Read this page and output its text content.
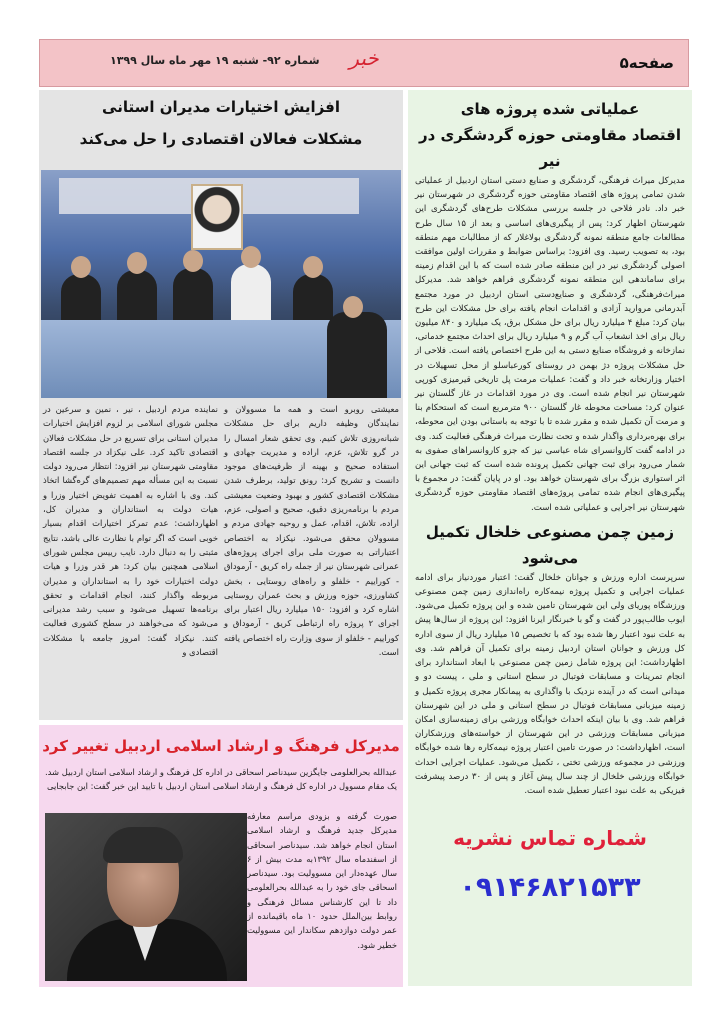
صفحه۵
خبر
شماره ۹۲- شنبه ۱۹ مهر ماه سال ۱۳۹۹
عملیاتی شده پروژه های
اقتصاد مقاومتی حوزه گردشگری در نیر

مدیرکل میراث فرهنگی، گردشگری و صنایع دستی استان اردبیل از عملیاتی شدن تمامی پروژه های اقتصاد مقاومتی حوزه گردشگری در شهرستان نیر خبر داد. نادر فلاحی در جلسه بررسی مشکلات طرح‌های گردشگری این شهرستان اظهار کرد: پس از پیگیری‌های اساسی و بعد از ۱۵ سال طرح مطالعات جامع منطقه نمونه گردشگری بولاغلار که از مطالبات مهم منطقه بود، به تصویب رسید. وی افزود: براساس ضوابط و مقررات اولین موافقت اصولی گردشگری نیر در این منطقه صادر شده است که با این اقدام زمینه برای ساماندهی این منطقه نمونه گردشگری فراهم خواهد شد. مدیرکل میراث‌فرهنگی، گردشگری و صنایع‌دستی استان اردبیل در مورد مجتمع آبدرمانی مروارید آزادی و اقدامات انجام یافته برای حل مشکلات این طرح بیان کرد: مبلغ ۴ میلیارد ریال برای حل مشکل برق، یک میلیارد و ۸۴۰ میلیون ریال برای اخذ انشعاب آب گرم و ۹ میلیارد ریال برای احداث مجتمع خدماتی، نمازخانه و فروشگاه صنایع دستی به این طرح اختصاص یافته است. فلاحی از حل مشکلات پروژه دژ بهمن در روستای کورعباسلو از محل تسهیلات در اختیار وزارتخانه خبر داد و گفت: عملیات مرمت پل تاریخی قیرمیزی کورپی شهرستان نیر انجام شده است. وی در مورد اقدامات در غاز گلستان نیر عنوان کرد: مساحت محوطه غار گلستان ۹۰۰ مترمربع است که استحکام بنا و مرمت آن تکمیل شده و مقرر شده تا با توجه به باستانی بودن این محوطه، برای بهره‌برداری واگذار شده و تحت نظارت میراث فرهنگی فعالیت کند. وی در ادامه گفت کاروانسرای شاه عباسی نیز که جزو کاروانسراهای صفوی به شمار می‌رود برای ثبت جهانی تکمیل پرونده شده است که ثبت جهانی این اثر استواری بزرگ برای شهرستان خواهد بود. او در پایان گفت: در مجموع با پیگیری‌های انجام شده تمامی پروژه‌های اقتصاد مقاومتی حوزه گردشگری شهرستان نیر اجرایی و عملیاتی شده است.

زمین چمن مصنوعی خلخال تکمیل می‌شود

سرپرست اداره ورزش و جوانان خلخال گفت: اعتبار موردنیاز برای ادامه عملیات اجرایی و تکمیل پروژه نیمه‌کاره راه‌اندازی زمین چمن مصنوعی ورزشگاه پوریای ولی این شهرستان تامین شده و این پروژه تکمیل می‌شود. ایوب طالب‌پور در گفت و گو با خبرنگار ایرنا افزود: این پروژه از سال‌ها پیش به علت نبود اعتبار رها شده بود که با تخصیص ۱۵ میلیارد ریال از سوی اداره کل ورزش و جوانان استان اردبیل زمینه برای تکمیل آن فراهم شد. وی اظهارداشت: این پروژه شامل زمین چمن مصنوعی با ابعاد استاندارد برای انجام تمرینات و مسابقات فوتبال در سطح استانی و ملی ، پیست دو و میدانی است که در آینده نزدیک با واگذاری به پیمانکار مجری پروژه تکمیل و زمینه میزبانی مسابقات فوتبال در سطح استانی و ملی در این شهرستان فراهم شد. وی با بیان اینکه احداث خوابگاه ورزشی برای زمینه‌سازی امکان میزبانی مسابقات ورزشی در این شهرستان از خواسته‌های ورزشکاران است، اظهارداشت: در صورت تامین اعتبار پروژه نیمه‌کاره رها شده خوابگاه ورزشی در مجموعه ورزشی تختی ، تکمیل می‌شود. عملیات اجرایی احداث خوابگاه ورزشی خلخال از چند سال پیش آغاز و پس از ۳۰ درصد پیشرفت فیزیکی به علت نبود اعتبار تعطیل شده است.

شماره تماس نشریه
۰۹۱۴۶۸۲۱۵۳۳
افزایش اختیارات مدیران استانی
مشکلات فعالان اقتصادی را حل می‌کند

معیشتی روبرو است و همه ما مسوولان و نمایندگان وظیفه داریم برای حل مشکلات شبانه‌روزی تلاش کنیم. وی تحقق شعار امسال را در گرو تلاش، عزم، اراده و مدیریت جهادی و استفاده صحیح و بهینه از ظرفیت‌های موجود دانست و تشریح کرد: رونق تولید، برطرف شدن مشکلات اقتصادی کشور و بهبود وضعیت معیشتی مردم با برنامه‌ریزی دقیق، صحیح و اصولی، عزم، اراده، تلاش، اقدام، عمل و روحیه جهادی مردم و مسوولان محقق می‌شود. نیکزاد به اختصاص اعتباراتی به صورت ملی برای اجرای پروژه‌های عمرانی شهرستان نیر از جمله راه کریق - آرموداق - کوراییم - خلفلو و راه‌های روستایی ، بخش کشاورزی، حوزه ورزش و بحث عمران روستایی اشاره کرد و افزود: ۱۵۰ میلیارد ریال اعتبار برای اجرای ۲ پروژه راه ارتباطی کریق - آرموداق و کوراییم - خلفلو از سوی وزارت راه اختصاص یافته است.

نماینده مردم اردبیل ، نیر ، نمین و سرعین در مجلس شورای اسلامی بر لزوم افزایش اختیارات مدیران استانی برای تسریع در حل مشکلات فعالان اقتصادی تاکید کرد. علی نیکزاد در جلسه اقتصاد مقاومتی شهرستان نیر افزود: انتظار می‌رود دولت نسبت به این مسأله مهم تصمیم‌های گره‌گشا اتخاذ کند. وی با اشاره به اهمیت تفویض اختیار وزرا و هیات دولت به استانداران و مدیران کل، اظهارداشت: عدم تمرکز اختیارات اقدام بسیار خوبی است که اگر توام با نظارت عالی باشد، نتایج مثبتی را به دنبال دارد. نایب رییس مجلس شورای اسلامی همچنین بیان کرد: هر قدر وزرا و هیات دولت اختیارات خود را به استانداران و مدیران مربوطه واگذار کنند، انجام اقدامات و تحقق برنامه‌ها تسهیل می‌شود و سبب رشد مدیرانی می‌شود که می‌خواهند در سطح کشوری فعالیت کنند. نیکزاد گفت: امروز جامعه با مشکلات اقتصادی و

مدیرکل فرهنگ و ارشاد اسلامی اردبیل تغییر کرد

عبدالله بحرالعلومی جایگزین سیدناصر اسحاقی در اداره کل فرهنگ و ارشاد اسلامی استان اردبیل شد. یک مقام مسوول در اداره کل فرهنگ و ارشاد اسلامی استان اردبیل با تایید این خبر گفت: این جابجایی

صورت گرفته و بزودی مراسم معارفه مدیرکل جدید فرهنگ و ارشاد اسلامی استان انجام خواهد شد. سیدناصر اسحاقی از اسفندماه سال ۱۳۹۲به مدت بیش از ۶ سال عهده‌دار این مسوولیت بود. سیدناصر اسحاقی جای خود را به عبدالله بحرالعلومی داد تا این کارشناس مسائل فرهنگی و روابط بین‌الملل حدود ۱۰ ماه باقیمانده از عمر دولت دوازدهم سکاندار این مسوولیت خطیر شود.
